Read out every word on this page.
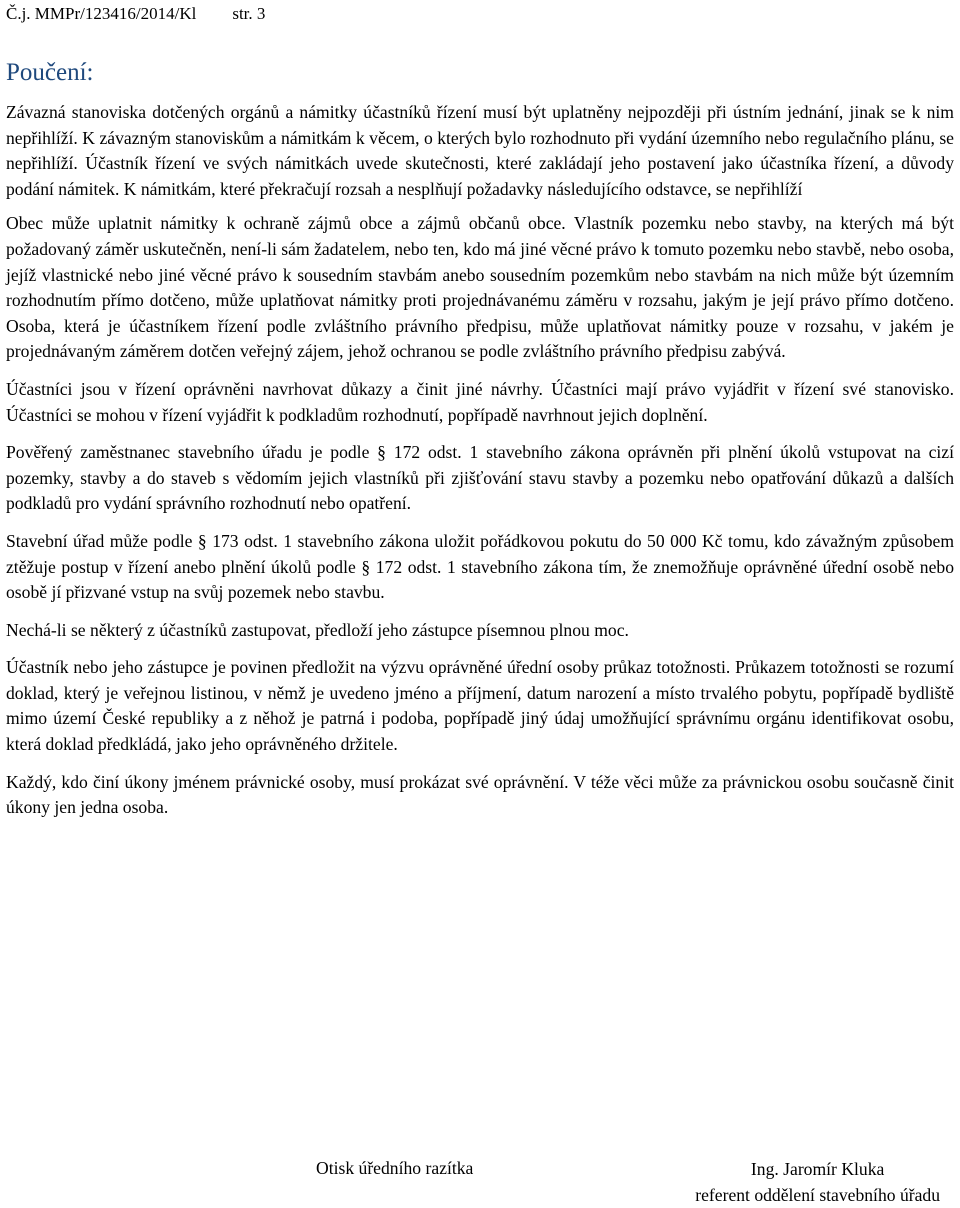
Č.j. MMPr/123416/2014/Kl str. 3
Poučení:

Závazná stanoviska dotčených orgánů a námitky účastníků řízení musí být uplatněny nejpozději při ústním jednání, jinak se k nim nepřihlíží. K závazným stanoviskům a námitkám k věcem, o kterých bylo rozhodnuto při vydání územního nebo regulačního plánu, se nepřihlíží. Účastník řízení ve svých námitkách uvede skutečnosti, které zakládají jeho postavení jako účastníka řízení, a důvody podání námitek. K námitkám, které překračují rozsah a nesplňují požadavky následujícího odstavce, se nepřihlíží

Obec může uplatnit námitky k ochraně zájmů obce a zájmů občanů obce. Vlastník pozemku nebo stavby, na kterých má být požadovaný záměr uskutečněn, není-li sám žadatelem, nebo ten, kdo má jiné věcné právo k tomuto pozemku nebo stavbě, nebo osoba, jejíž vlastnické nebo jiné věcné právo k sousedním stavbám anebo sousedním pozemkům nebo stavbám na nich může být územním rozhodnutím přímo dotčeno, může uplatňovat námitky proti projednávanému záměru v rozsahu, jakým je její právo přímo dotčeno. Osoba, která je účastníkem řízení podle zvláštního právního předpisu, může uplatňovat námitky pouze v rozsahu, v jakém je projednávaným záměrem dotčen veřejný zájem, jehož ochranou se podle zvláštního právního předpisu zabývá.

Účastníci jsou v řízení oprávněni navrhovat důkazy a činit jiné návrhy. Účastníci mají právo vyjádřit v řízení své stanovisko. Účastníci se mohou v řízení vyjádřit k podkladům rozhodnutí, popřípadě navrhnout jejich doplnění.

Pověřený zaměstnanec stavebního úřadu je podle § 172 odst. 1 stavebního zákona oprávněn při plnění úkolů vstupovat na cizí pozemky, stavby a do staveb s vědomím jejich vlastníků při zjišťování stavu stavby a pozemku nebo opatřování důkazů a dalších podkladů pro vydání správního rozhodnutí nebo opatření.

Stavební úřad může podle § 173 odst. 1 stavebního zákona uložit pořádkovou pokutu do 50 000 Kč tomu, kdo závažným způsobem ztěžuje postup v řízení anebo plnění úkolů podle § 172 odst. 1 stavebního zákona tím, že znemožňuje oprávněné úřední osobě nebo osobě jí přizvané vstup na svůj pozemek nebo stavbu.

Nechá-li se některý z účastníků zastupovat, předloží jeho zástupce písemnou plnou moc.

Účastník nebo jeho zástupce je povinen předložit na výzvu oprávněné úřední osoby průkaz totožnosti. Průkazem totožnosti se rozumí doklad, který je veřejnou listinou, v němž je uvedeno jméno a příjmení, datum narození a místo trvalého pobytu, popřípadě bydliště mimo území České republiky a z něhož je patrná i podoba, popřípadě jiný údaj umožňující správnímu orgánu identifikovat osobu, která doklad předkládá, jako jeho oprávněného držitele.

Každý, kdo činí úkony jménem právnické osoby, musí prokázat své oprávnění. V téže věci může za právnickou osobu současně činit úkony jen jedna osoba.

Otisk úředního razítka	Ing. Jaromír Kluka
referent oddělení stavebního úřadu
